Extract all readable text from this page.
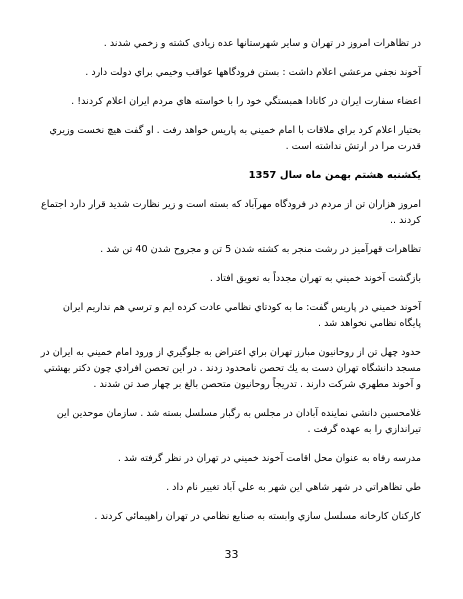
در تظاهرات امروز در تهران و ساير شهرستانها عده زيادی كشته و زخمي شدند .

آخوند نجفي مرعشي اعلام داشت : بستن فرودگاهها عواقب وخيمي براي دولت دارد .

اعضاء سفارت ايران در كانادا همبستگي خود را با خواسته هاي مردم ايران اعلام كردند! .

بختيار اعلام كرد براي ملاقات با امام خميني به پاريس خواهد رفت . او گفت هيچ نخست وزيري قدرت مرا در ارتش نداشته است .

يكشنبه هشتم بهمن ماه سال 1357

امروز هزاران تن از مردم در فرودگاه مهرآباد كه بسته است و زير نظارت شديد قرار دارد اجتماع كردند ..

تظاهرات قهرآميز در رشت منجر به كشته شدن 5 تن و مجروح شدن 40 تن شد .

بازگشت آخوند خميني به تهران مجدداً به تعويق افتاد .

آخوند خميني در پاريس گفت: ما به كودتاي نظامي عادت كرده ايم و ترسي هم نداريم ايران پايگاه نظامي نخواهد شد .

حدود چهل تن از روحانيون مبارز تهران براي اعتراض به جلوگيري از ورود امام خميني به ايران در مسجد دانشگاه تهران دست به يك تحصن نامحدود زدند . در اين تحصن افرادي چون دكتر بهشتي و آخوند مطهري شركت دارند . تدريجاً روحانيون متحصن بالغ بر چهار صد تن شدند .

غلامحسين دانشي نماينده آبادان در مجلس به رگبار مسلسل بسته شد . سازمان موحدين اين تيراندازي را به عهده گرفت .

مدرسه رفاه به عنوان محل اقامت آخوند خميني در تهران در نظر گرفته شد .

طي تظاهراتي در شهر شاهي اين شهر به علي آباد تغيير نام داد .

كاركنان كارخانه مسلسل سازي وابسته به صنايع نظامي در تهران راهپيمائي كردند .

33
